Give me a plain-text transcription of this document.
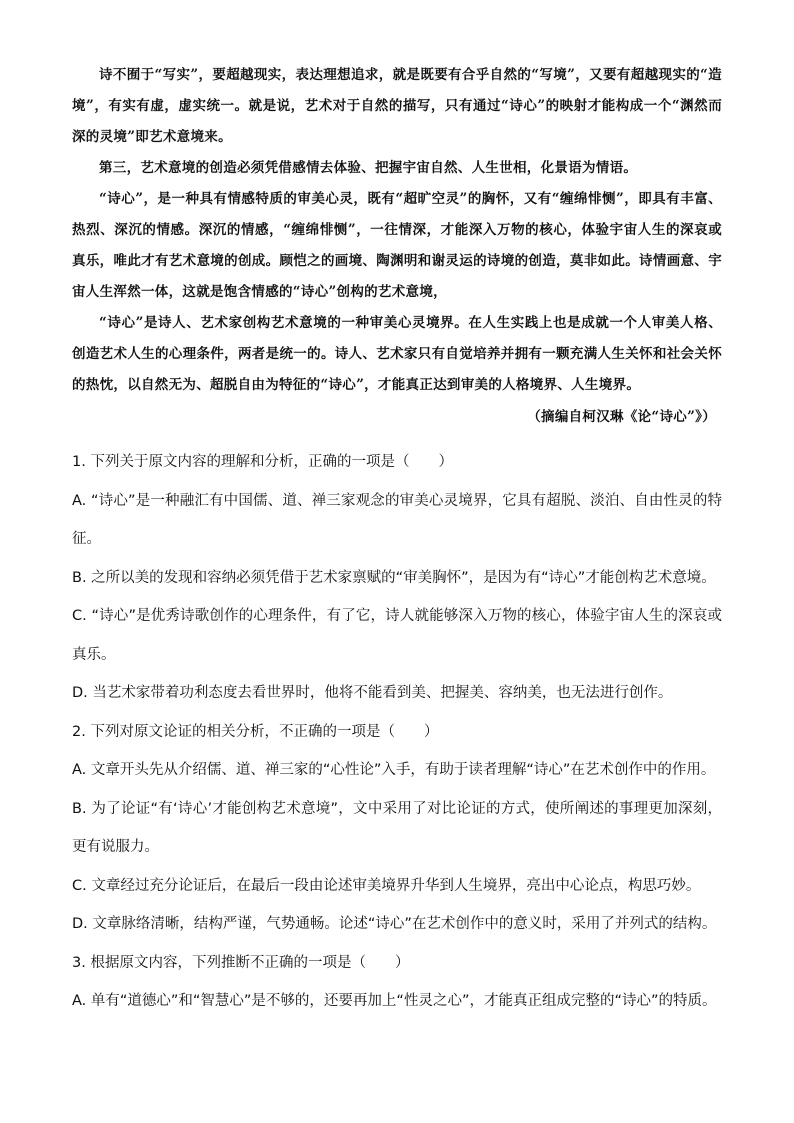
诗不囿于“写实”，要超越现实，表达理想追求，就是既要有合乎自然的“写境”，又要有超越现实的“造境”，有实有虚，虚实统一。就是说，艺术对于自然的描写，只有通过“诗心”的映射才能构成一个“渊然而深的灵境”即艺术意境来。

第三，艺术意境的创造必须凭借感情去体验、把握宇宙自然、人生世相，化景语为情语。

“诗心”，是一种具有情感特质的审美心灵，既有“超旷空灵”的胸怀，又有“缠绵悱恻”，即具有丰富、热烈、深沉的情感。深沉的情感，“缠绵悱恻”，一往情深，才能深入万物的核心，体验宇宙人生的深哀或真乐，唯此才有艺术意境的创成。顾恺之的画境、陶渊明和谢灵运的诗境的创造，莫非如此。诗情画意、宇宙人生浑然一体，这就是饱含情感的“诗心”创构的艺术意境，

“诗心”是诗人、艺术家创构艺术意境的一种审美心灵境界。在人生实践上也是成就一个人审美人格、创造艺术人生的心理条件，两者是统一的。诗人、艺术家只有自觉培养并拥有一颗充满人生关怀和社会关怀的热忱，以自然无为、超脱自由为特征的“诗心”，才能真正达到审美的人格境界、人生境界。

（摘编自柯汉琳《论“诗心”》）

1. 下列关于原文内容的理解和分析，正确的一项是（　　）

A. “诗心”是一种融汇有中国儒、道、禅三家观念的审美心灵境界，它具有超脱、淡泊、自由性灵的特征。

B. 之所以美的发现和容纳必须凭借于艺术家禀赋的“审美胸怀”，是因为有“诗心”才能创构艺术意境。

C. “诗心”是优秀诗歌创作的心理条件，有了它，诗人就能够深入万物的核心，体验宇宙人生的深哀或真乐。

D. 当艺术家带着功利态度去看世界时，他将不能看到美、把握美、容纳美，也无法进行创作。

2. 下列对原文论证的相关分析，不正确的一项是（　　）

A. 文章开头先从介绍儒、道、禅三家的“心性论”入手，有助于读者理解“诗心”在艺术创作中的作用。

B. 为了论证“有‘诗心’才能创构艺术意境”，文中采用了对比论证的方式，使所阐述的事理更加深刻，更有说服力。

C. 文章经过充分论证后，在最后一段由论述审美境界升华到人生境界，亮出中心论点，构思巧妙。

D. 文章脉络清晰，结构严谨，气势通畅。论述“诗心”在艺术创作中的意义时，采用了并列式的结构。

3. 根据原文内容，下列推断不正确的一项是（　　）

A. 单有“道德心”和“智慧心”是不够的，还要再加上“性灵之心”，才能真正组成完整的“诗心”的特质。
